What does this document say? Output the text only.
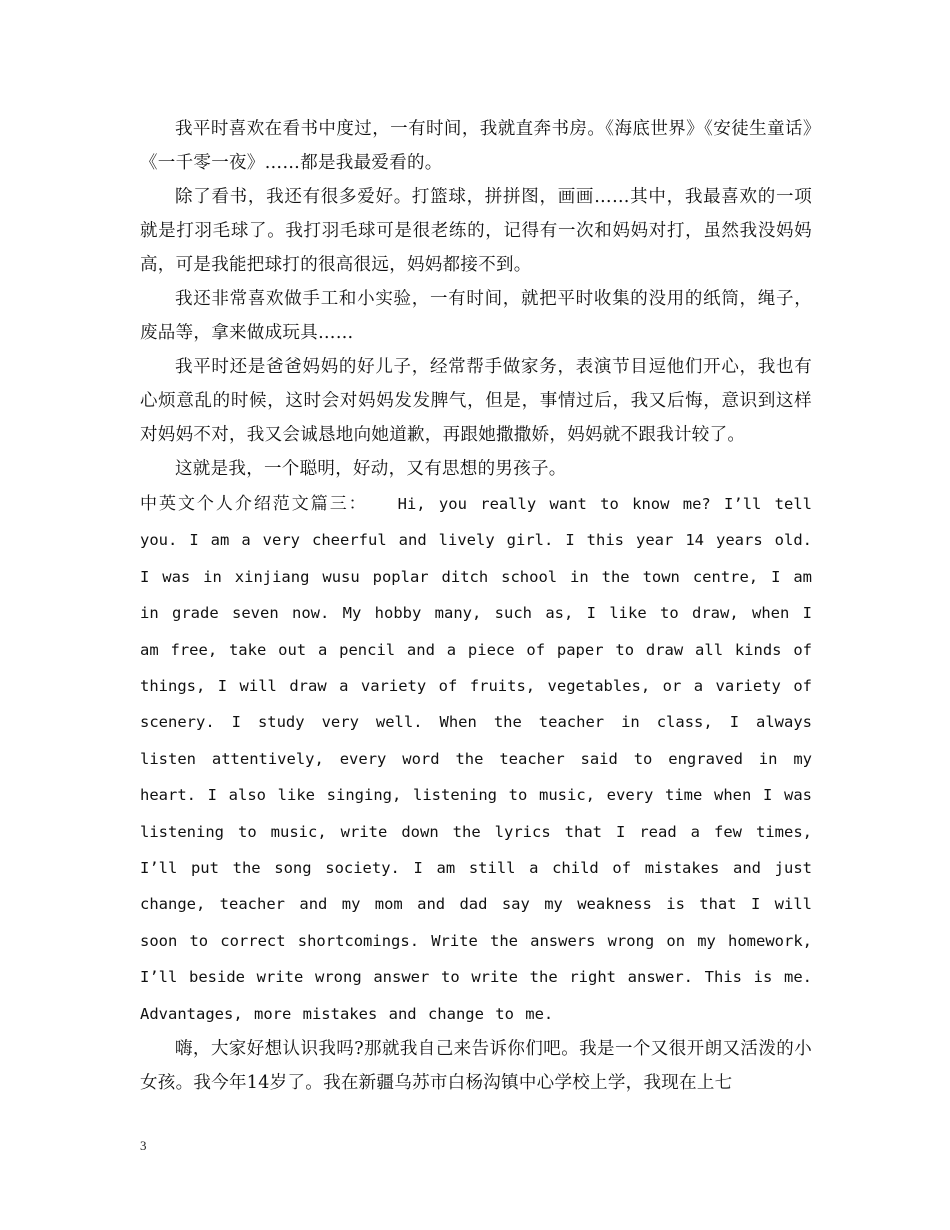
我平时喜欢在看书中度过，一有时间，我就直奔书房。《海底世界》《安徒生童话》《一千零一夜》……都是我最爱看的。

除了看书，我还有很多爱好。打篮球，拼拼图，画画……其中，我最喜欢的一项就是打羽毛球了。我打羽毛球可是很老练的，记得有一次和妈妈对打，虽然我没妈妈高，可是我能把球打的很高很远，妈妈都接不到。

我还非常喜欢做手工和小实验，一有时间，就把平时收集的没用的纸筒，绳子，废品等，拿来做成玩具……

我平时还是爸爸妈妈的好儿子，经常帮手做家务，表演节目逗他们开心，我也有心烦意乱的时候，这时会对妈妈发发脾气，但是，事情过后，我又后悔，意识到这样对妈妈不对，我又会诚恳地向她道歉，再跟她撒撒娇，妈妈就不跟我计较了。

这就是我，一个聪明，好动，又有思想的男孩子。

中英文个人介绍范文篇三： Hi, you really want to know me? I’ll tell you. I am a very cheerful and lively girl. I this year 14 years old. I was in xinjiang wusu poplar ditch school in the town centre, I am in grade seven now. My hobby many, such as, I like to draw, when I am free, take out a pencil and a piece of paper to draw all kinds of things, I will draw a variety of fruits, vegetables, or a variety of scenery. I study very well. When the teacher in class, I always listen attentively, every word the teacher said to engraved in my heart. I also like singing, listening to music, every time when I was listening to music, write down the lyrics that I read a few times, I’ll put the song society. I am still a child of mistakes and just change, teacher and my mom and dad say my weakness is that I will soon to correct shortcomings. Write the answers wrong on my homework, I’ll beside write wrong answer to write the right answer. This is me. Advantages, more mistakes and change to me.

嗨，大家好想认识我吗?那就我自己来告诉你们吧。我是一个又很开朗又活泼的小女孩。我今年14岁了。我在新疆乌苏市白杨沟镇中心学校上学，我现在上七

3
